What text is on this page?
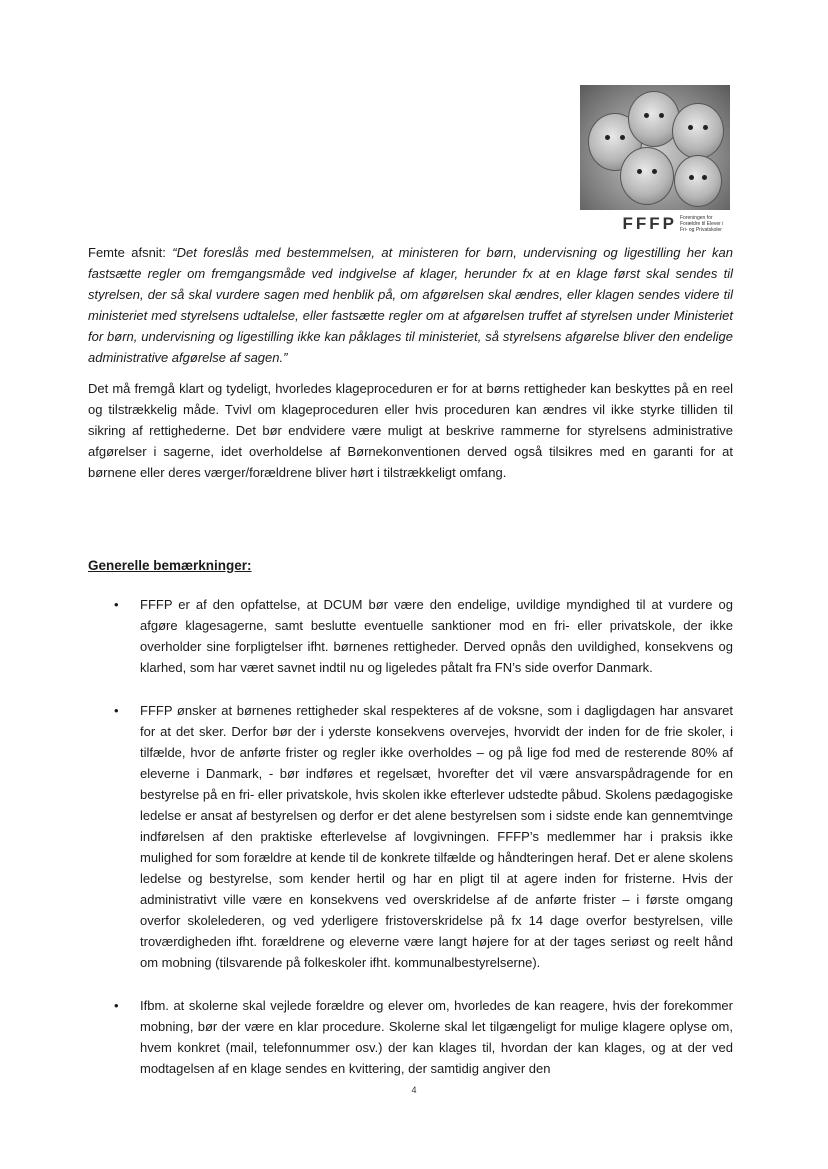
FFFP Foreningen for Forældre til Elever i Fri- og Privatskoler

Femte afsnit: “Det foreslås med bestemmelsen, at ministeren for børn, undervisning og ligestilling her kan fastsætte regler om fremgangsmåde ved indgivelse af klager, herunder fx at en klage først skal sendes til styrelsen, der så skal vurdere sagen med henblik på, om afgørelsen skal ændres, eller klagen sendes videre til ministeriet med styrelsens udtalelse, eller fastsætte regler om at afgørelsen truffet af styrelsen under Ministeriet for børn, undervisning og ligestilling ikke kan påklages til ministeriet, så styrelsens afgørelse bliver den endelige administrative afgørelse af sagen.”

Det må fremgå klart og tydeligt, hvorledes klageproceduren er for at børns rettigheder kan beskyttes på en reel og tilstrækkelig måde. Tvivl om klageproceduren eller hvis proceduren kan ændres vil ikke styrke tilliden til sikring af rettighederne. Det bør endvidere være muligt at beskrive rammerne for styrelsens administrative afgørelser i sagerne, idet overholdelse af Børnekonventionen derved også tilsikres med en garanti for at børnene eller deres værger/forældrene bliver hørt i tilstrækkeligt omfang.

Generelle bemærkninger:
• FFFP er af den opfattelse, at DCUM bør være den endelige, uvildige myndighed til at vurdere og afgøre klagesagerne, samt beslutte eventuelle sanktioner mod en fri- eller privatskole, der ikke overholder sine forpligtelser ifht. børnenes rettigheder. Derved opnås den uvildighed, konsekvens og klarhed, som har været savnet indtil nu og ligeledes påtalt fra FN’s side overfor Danmark.
• FFFP ønsker at børnenes rettigheder skal respekteres af de voksne, som i dagligdagen har ansvaret for at det sker. Derfor bør der i yderste konsekvens overvejes, hvorvidt der inden for de frie skoler, i tilfælde, hvor de anførte frister og regler ikke overholdes – og på lige fod med de resterende 80% af eleverne i Danmark, - bør indføres et regelsæt, hvorefter det vil være ansvarspådragende for en bestyrelse på en fri- eller privatskole, hvis skolen ikke efterlever udstedte påbud. Skolens pædagogiske ledelse er ansat af bestyrelsen og derfor er det alene bestyrelsen som i sidste ende kan gennemtvinge indførelsen af den praktiske efterlevelse af lovgivningen. FFFP’s medlemmer har i praksis ikke mulighed for som forældre at kende til de konkrete tilfælde og håndteringen heraf. Det er alene skolens ledelse og bestyrelse, som kender hertil og har en pligt til at agere inden for fristerne. Hvis der administrativt ville være en konsekvens ved overskridelse af de anførte frister – i første omgang overfor skolelederen, og ved yderligere fristoverskridelse på fx 14 dage overfor bestyrelsen, ville troværdigheden ifht. forældrene og eleverne være langt højere for at der tages seriøst og reelt hånd om mobning (tilsvarende på folkeskoler ifht. kommunalbestyrelserne).
• Ifbm. at skolerne skal vejlede forældre og elever om, hvorledes de kan reagere, hvis der forekommer mobning, bør der være en klar procedure. Skolerne skal let tilgængeligt for mulige klagere oplyse om, hvem konkret (mail, telefonnummer osv.) der kan klages til, hvordan der kan klages, og at der ved modtagelsen af en klage sendes en kvittering, der samtidig angiver den
4
